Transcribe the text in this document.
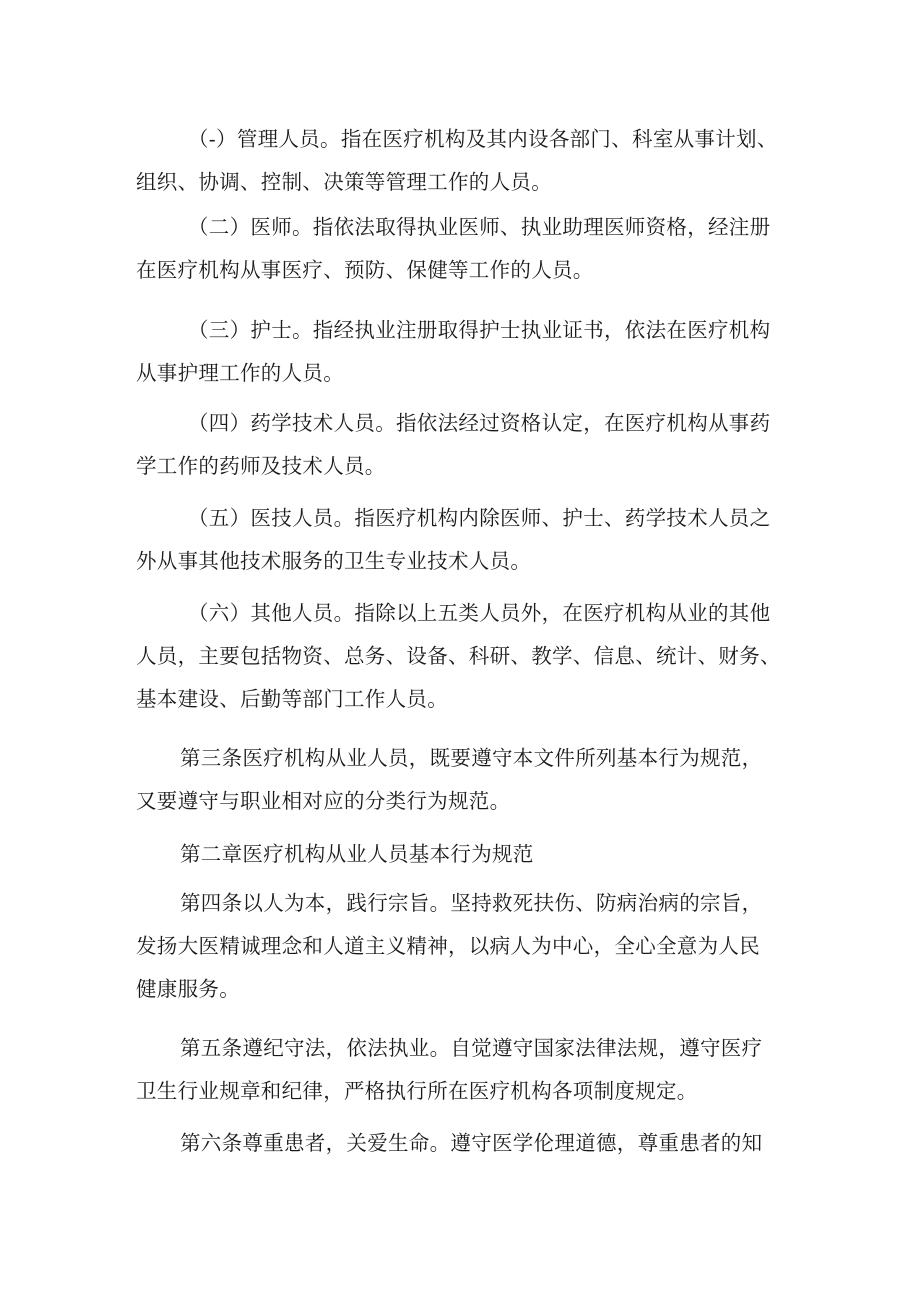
（-）管理人员。指在医疗机构及其内设各部门、科室从事计划、
组织、协调、控制、决策等管理工作的人员。

（二）医师。指依法取得执业医师、执业助理医师资格，经注册
在医疗机构从事医疗、预防、保健等工作的人员。

（三）护士。指经执业注册取得护士执业证书，依法在医疗机构
从事护理工作的人员。

（四）药学技术人员。指依法经过资格认定，在医疗机构从事药
学工作的药师及技术人员。

（五）医技人员。指医疗机构内除医师、护士、药学技术人员之
外从事其他技术服务的卫生专业技术人员。

（六）其他人员。指除以上五类人员外，在医疗机构从业的其他
人员，主要包括物资、总务、设备、科研、教学、信息、统计、财务、
基本建设、后勤等部门工作人员。

第三条医疗机构从业人员，既要遵守本文件所列基本行为规范，
又要遵守与职业相对应的分类行为规范。

第二章医疗机构从业人员基本行为规范

第四条以人为本，践行宗旨。坚持救死扶伤、防病治病的宗旨，
发扬大医精诚理念和人道主义精神，以病人为中心，全心全意为人民
健康服务。

第五条遵纪守法，依法执业。自觉遵守国家法律法规，遵守医疗
卫生行业规章和纪律，严格执行所在医疗机构各项制度规定。

第六条尊重患者，关爱生命。遵守医学伦理道德，尊重患者的知
